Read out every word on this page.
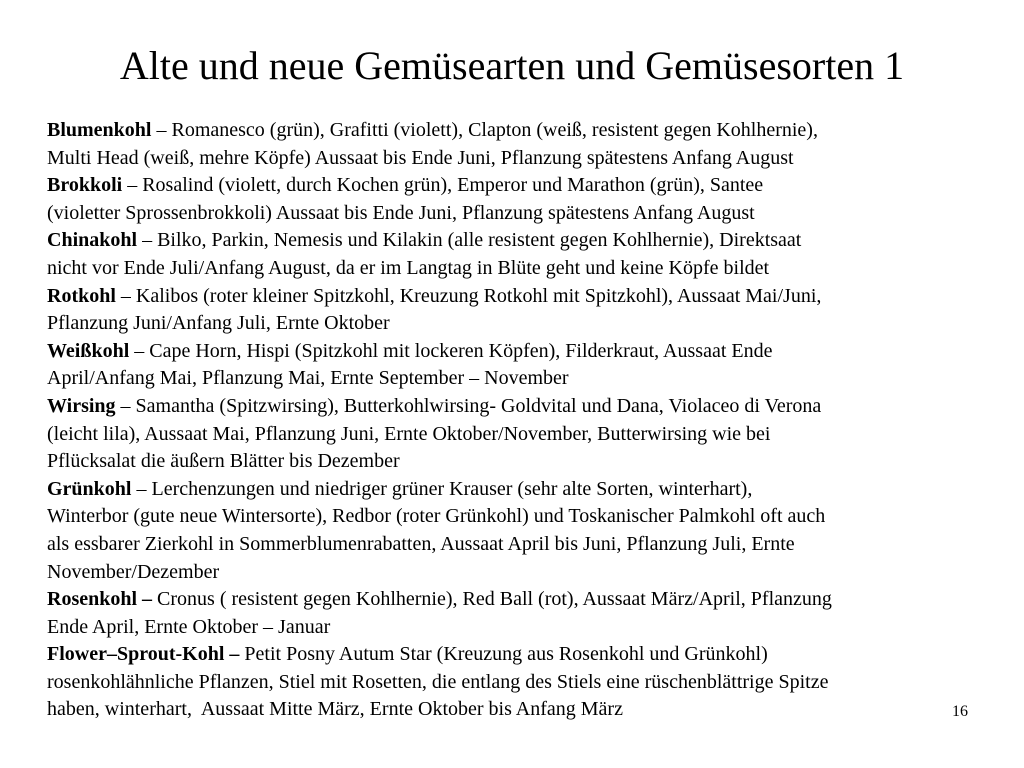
Alte und neue Gemüsearten und Gemüsesorten 1

Blumenkohl – Romanesco (grün), Grafitti (violett), Clapton (weiß, resistent gegen Kohlhernie),
Multi Head (weiß, mehre Köpfe) Aussaat bis Ende Juni, Pflanzung spätestens Anfang August

Brokkoli – Rosalind (violett, durch Kochen grün), Emperor und Marathon (grün), Santee
(violetter Sprossenbrokkoli) Aussaat bis Ende Juni, Pflanzung spätestens Anfang August

Chinakohl – Bilko, Parkin, Nemesis und Kilakin (alle resistent gegen Kohlhernie), Direktsaat
nicht vor Ende Juli/Anfang August, da er im Langtag in Blüte geht und keine Köpfe bildet

Rotkohl – Kalibos (roter kleiner Spitzkohl, Kreuzung Rotkohl mit Spitzkohl), Aussaat Mai/Juni,
Pflanzung Juni/Anfang Juli, Ernte Oktober

Weißkohl – Cape Horn, Hispi (Spitzkohl mit lockeren Köpfen), Filderkraut, Aussaat Ende
April/Anfang Mai, Pflanzung Mai, Ernte September – November

Wirsing – Samantha (Spitzwirsing), Butterkohlwirsing- Goldvital und Dana, Violaceo di Verona
(leicht lila), Aussaat Mai, Pflanzung Juni, Ernte Oktober/November, Butterwirsing wie bei
Pflücksalat die äußern Blätter bis Dezember

Grünkohl – Lerchenzungen und niedriger grüner Krauser (sehr alte Sorten, winterhart),
Winterbor (gute neue Wintersorte), Redbor (roter Grünkohl) und Toskanischer Palmkohl oft auch
als essbarer Zierkohl in Sommerblumenrabatten, Aussaat April bis Juni, Pflanzung Juli, Ernte
November/Dezember

Rosenkohl – Cronus ( resistent gegen Kohlhernie), Red Ball (rot), Aussaat März/April, Pflanzung
Ende April, Ernte Oktober – Januar

Flower–Sprout-Kohl – Petit Posny Autum Star (Kreuzung aus Rosenkohl und Grünkohl)
rosenkohlähnliche Pflanzen, Stiel mit Rosetten, die entlang des Stiels eine rüschenblättrige Spitze
haben, winterhart,  Aussaat Mitte März, Ernte Oktober bis Anfang März	16
